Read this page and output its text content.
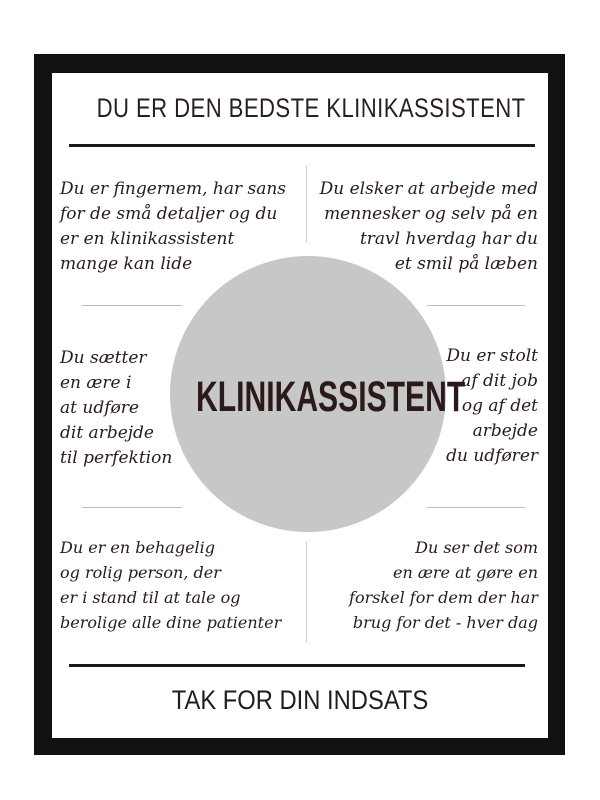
DU ER DEN BEDSTE KLINIKASSISTENT
KLINIKASSISTENT
Du er fingernem, har sans
for de små detaljer og du
er en klinikassistent
mange kan lide
Du elsker at arbejde med
mennesker og selv på en
travl hverdag har du
et smil på læben
Du sætter
en ære i
at udføre
dit arbejde
til perfektion
Du er stolt
af dit job
og af det
arbejde
du udfører
Du er en behagelig
og rolig person, der
er i stand til at tale og
berolige alle dine patienter
Du ser det som
en ære at gøre en
forskel for dem der har
brug for det - hver dag
TAK FOR DIN INDSATS
